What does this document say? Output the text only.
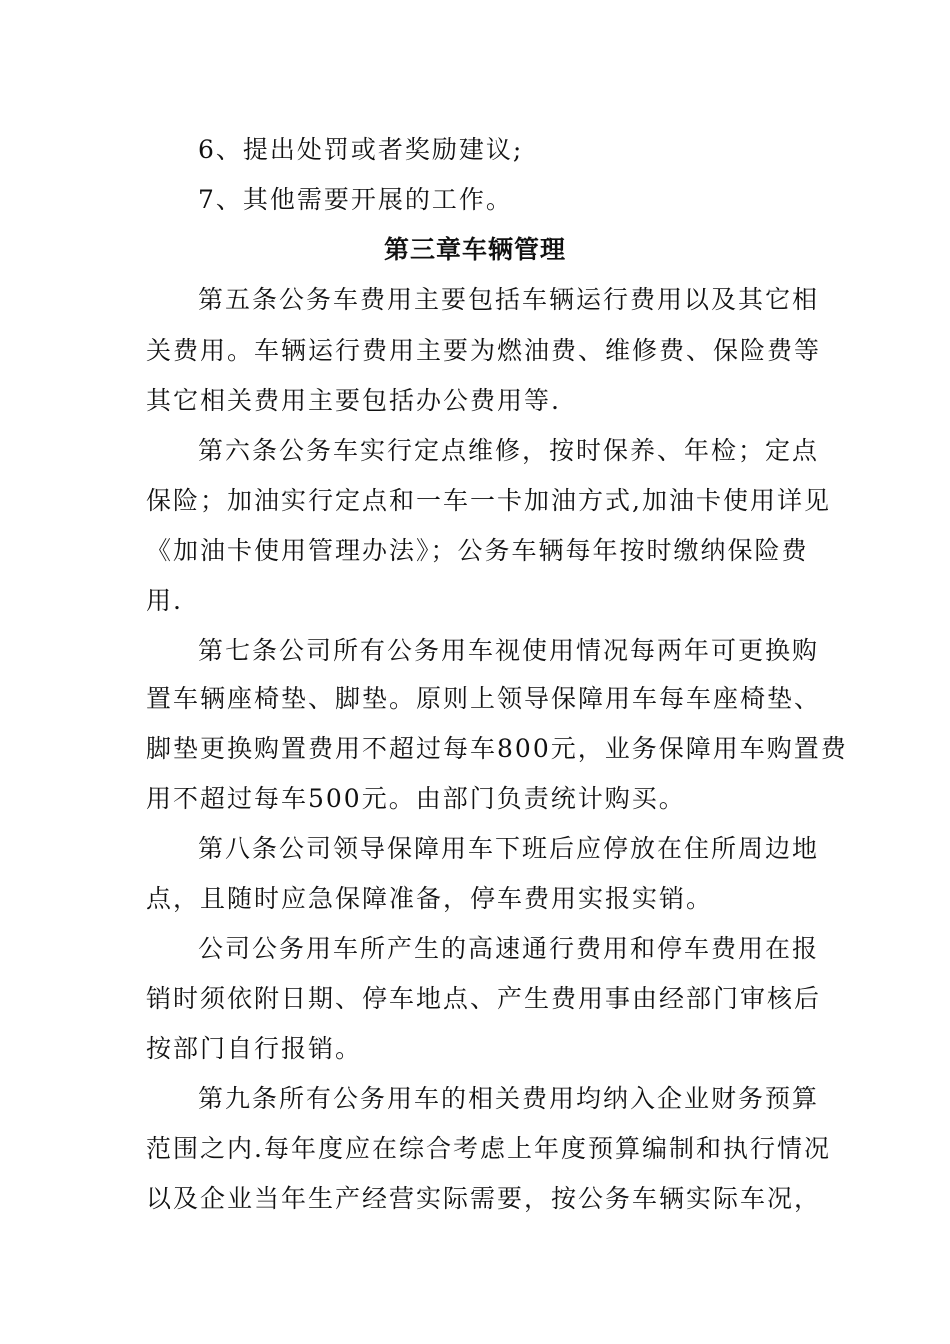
6、提出处罚或者奖励建议;
7、其他需要开展的工作。
第三章车辆管理
第五条公务车费用主要包括车辆运行费用以及其它相
关费用。车辆运行费用主要为燃油费、维修费、保险费等
其它相关费用主要包括办公费用等.
第六条公务车实行定点维修，按时保养、年检；定点
保险；加油实行定点和一车一卡加油方式,加油卡使用详见
《加油卡使用管理办法》；公务车辆每年按时缴纳保险费
用.
第七条公司所有公务用车视使用情况每两年可更换购
置车辆座椅垫、脚垫。原则上领导保障用车每车座椅垫、
脚垫更换购置费用不超过每车800元，业务保障用车购置费
用不超过每车500元。由部门负责统计购买。
第八条公司领导保障用车下班后应停放在住所周边地
点，且随时应急保障准备，停车费用实报实销。
公司公务用车所产生的高速通行费用和停车费用在报
销时须依附日期、停车地点、产生费用事由经部门审核后
按部门自行报销。
第九条所有公务用车的相关费用均纳入企业财务预算
范围之内.每年度应在综合考虑上年度预算编制和执行情况
以及企业当年生产经营实际需要，按公务车辆实际车况，
